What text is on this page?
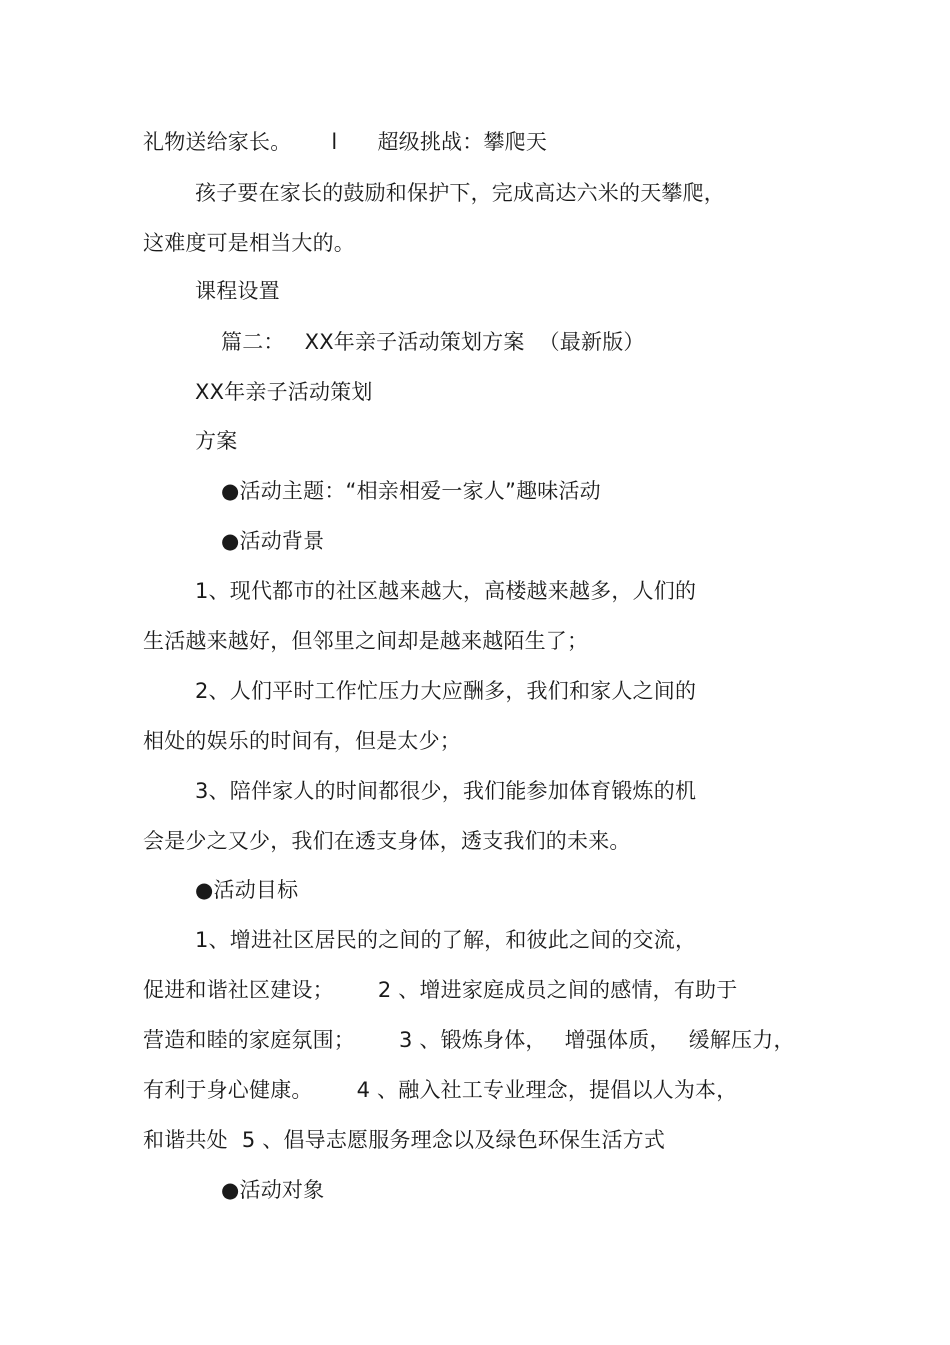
礼物送给家长。 l 超级挑战：攀爬天
孩子要在家长的鼓励和保护下，完成高达六米的天攀爬，
这难度可是相当大的。
课程设置
篇二： XX年亲子活动策划方案 （最新版）
XX年亲子活动策划
方案
●活动主题：“相亲相爱一家人”趣味活动
●活动背景
1、现代都市的社区越来越大，高楼越来越多，人们的
生活越来越好，但邻里之间却是越来越陌生了；
2、人们平时工作忙压力大应酬多，我们和家人之间的
相处的娱乐的时间有，但是太少；
3、陪伴家人的时间都很少，我们能参加体育锻炼的机
会是少之又少，我们在透支身体，透支我们的未来。
●活动目标
1、增进社区居民的之间的了解，和彼此之间的交流，
促进和谐社区建设； 2 、增进家庭成员之间的感情，有助于
营造和睦的家庭氛围； 3 、锻炼身体， 增强体质， 缓解压力，
有利于身心健康。 4 、融入社工专业理念，提倡以人为本，
和谐共处 5 、倡导志愿服务理念以及绿色环保生活方式
●活动对象
